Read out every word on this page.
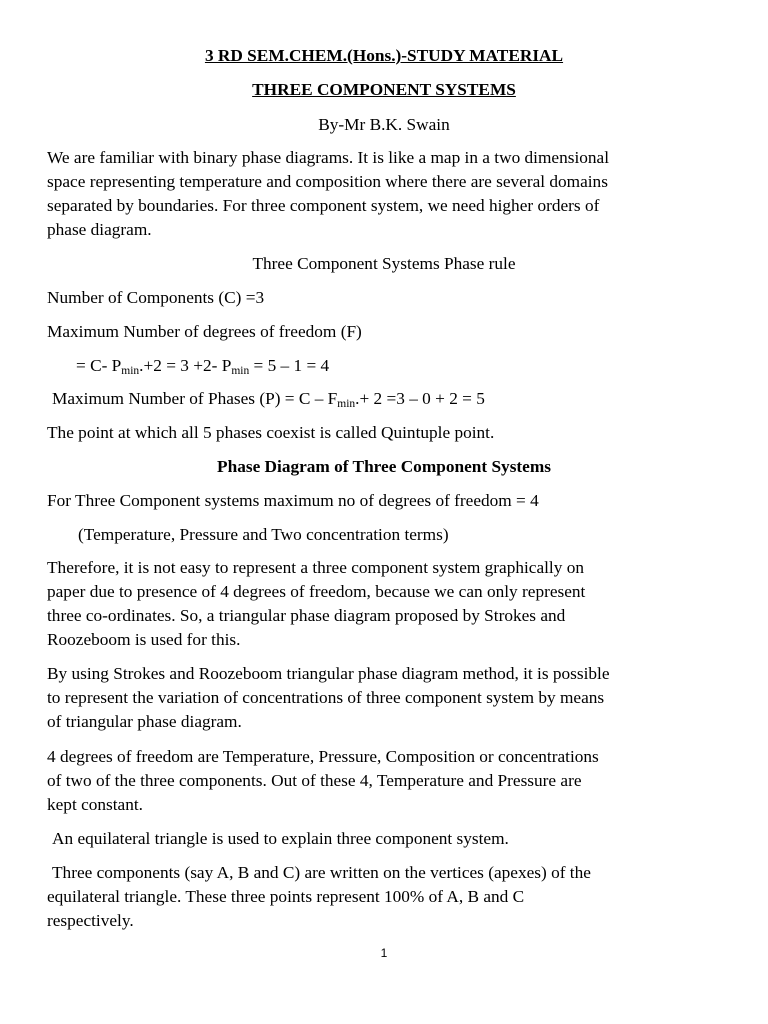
3 RD SEM.CHEM.(Hons.)-STUDY MATERIAL

THREE COMPONENT SYSTEMS

By-Mr B.K. Swain

We are familiar with binary phase diagrams. It is like a map in a two dimensional

space representing temperature and composition where there are several domains

separated by boundaries. For three component system, we need higher orders of

phase diagram.

Three Component Systems Phase rule

Number of Components (C) =3

Maximum Number of degrees of freedom (F)

= C- $P_{min}.+2 = 3 +2-$ $P_{min} = 5 - 1 = 4$

Maximum Number of Phases $(P) = C - F_{min}.+ 2 =3 - 0 + 2 = 5$

The point at which all 5 phases coexist is called Quintuple point.

Phase Diagram of Three Component Systems

For Three Component systems maximum no of degrees of freedom = 4

(Temperature, Pressure and Two concentration terms)

Therefore, it is not easy to represent a three component system graphically on

paper due to presence of 4 degrees of freedom, because we can only represent

three co-ordinates. So, a triangular phase diagram proposed by Strokes and

Roozeboom is used for this.

By using Strokes and Roozeboom triangular phase diagram method, it is possible

to represent the variation of concentrations of three component system by means

of triangular phase diagram.

4 degrees of freedom are Temperature, Pressure, Composition or concentrations

of two of the three components. Out of these 4, Temperature and Pressure are

kept constant.

An equilateral triangle is used to explain three component system.

Three components (say A, B and C) are written on the vertices (apexes) of the

equilateral triangle. These three points represent 100% of A, B and C

respectively.

1
